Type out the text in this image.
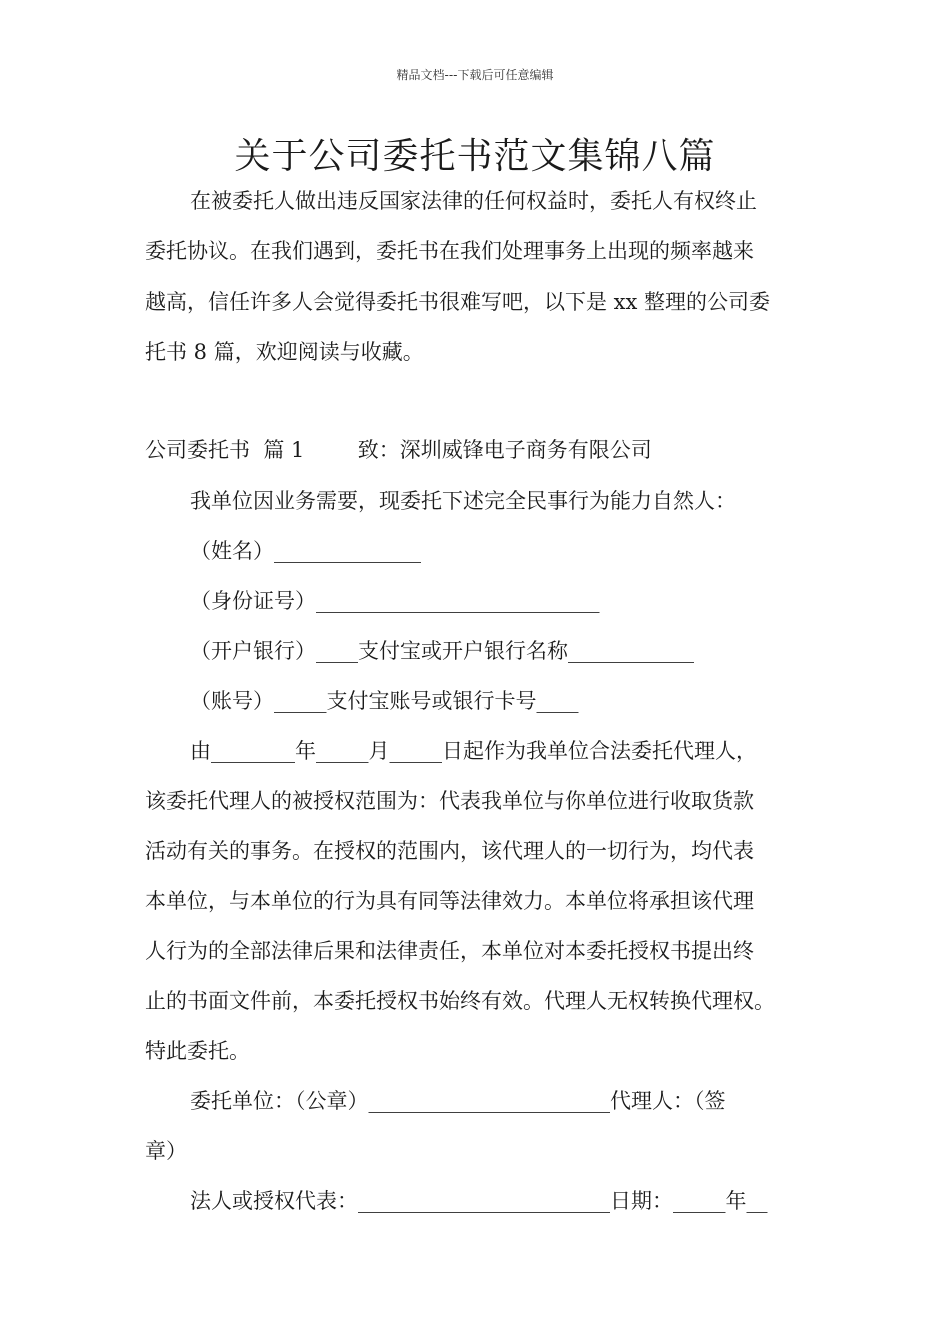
精品文档---下载后可任意编辑
关于公司委托书范文集锦八篇
在被委托人做出违反国家法律的任何权益时，委托人有权终止
委托协议。在我们遇到，委托书在我们处理事务上出现的频率越来
越高，信任许多人会觉得委托书很难写吧，以下是 xx 整理的公司委
托书 8 篇，欢迎阅读与收藏。
公司委托书  篇 1        致：深圳威锋电子商务有限公司
我单位因业务需要，现委托下述完全民事行为能力自然人：
（姓名）______________
（身份证号）___________________________
（开户银行）____支付宝或开户银行名称____________
（账号）_____支付宝账号或银行卡号____
由________年_____月_____日起作为我单位合法委托代理人，
该委托代理人的被授权范围为：代表我单位与你单位进行收取货款
活动有关的事务。在授权的范围内，该代理人的一切行为，均代表
本单位，与本单位的行为具有同等法律效力。本单位将承担该代理
人行为的全部法律后果和法律责任，本单位对本委托授权书提出终
止的书面文件前，本委托授权书始终有效。代理人无权转换代理权。
特此委托。
委托单位：（公章）_______________________代理人：（签
章）
法人或授权代表：________________________日期：_____年__
